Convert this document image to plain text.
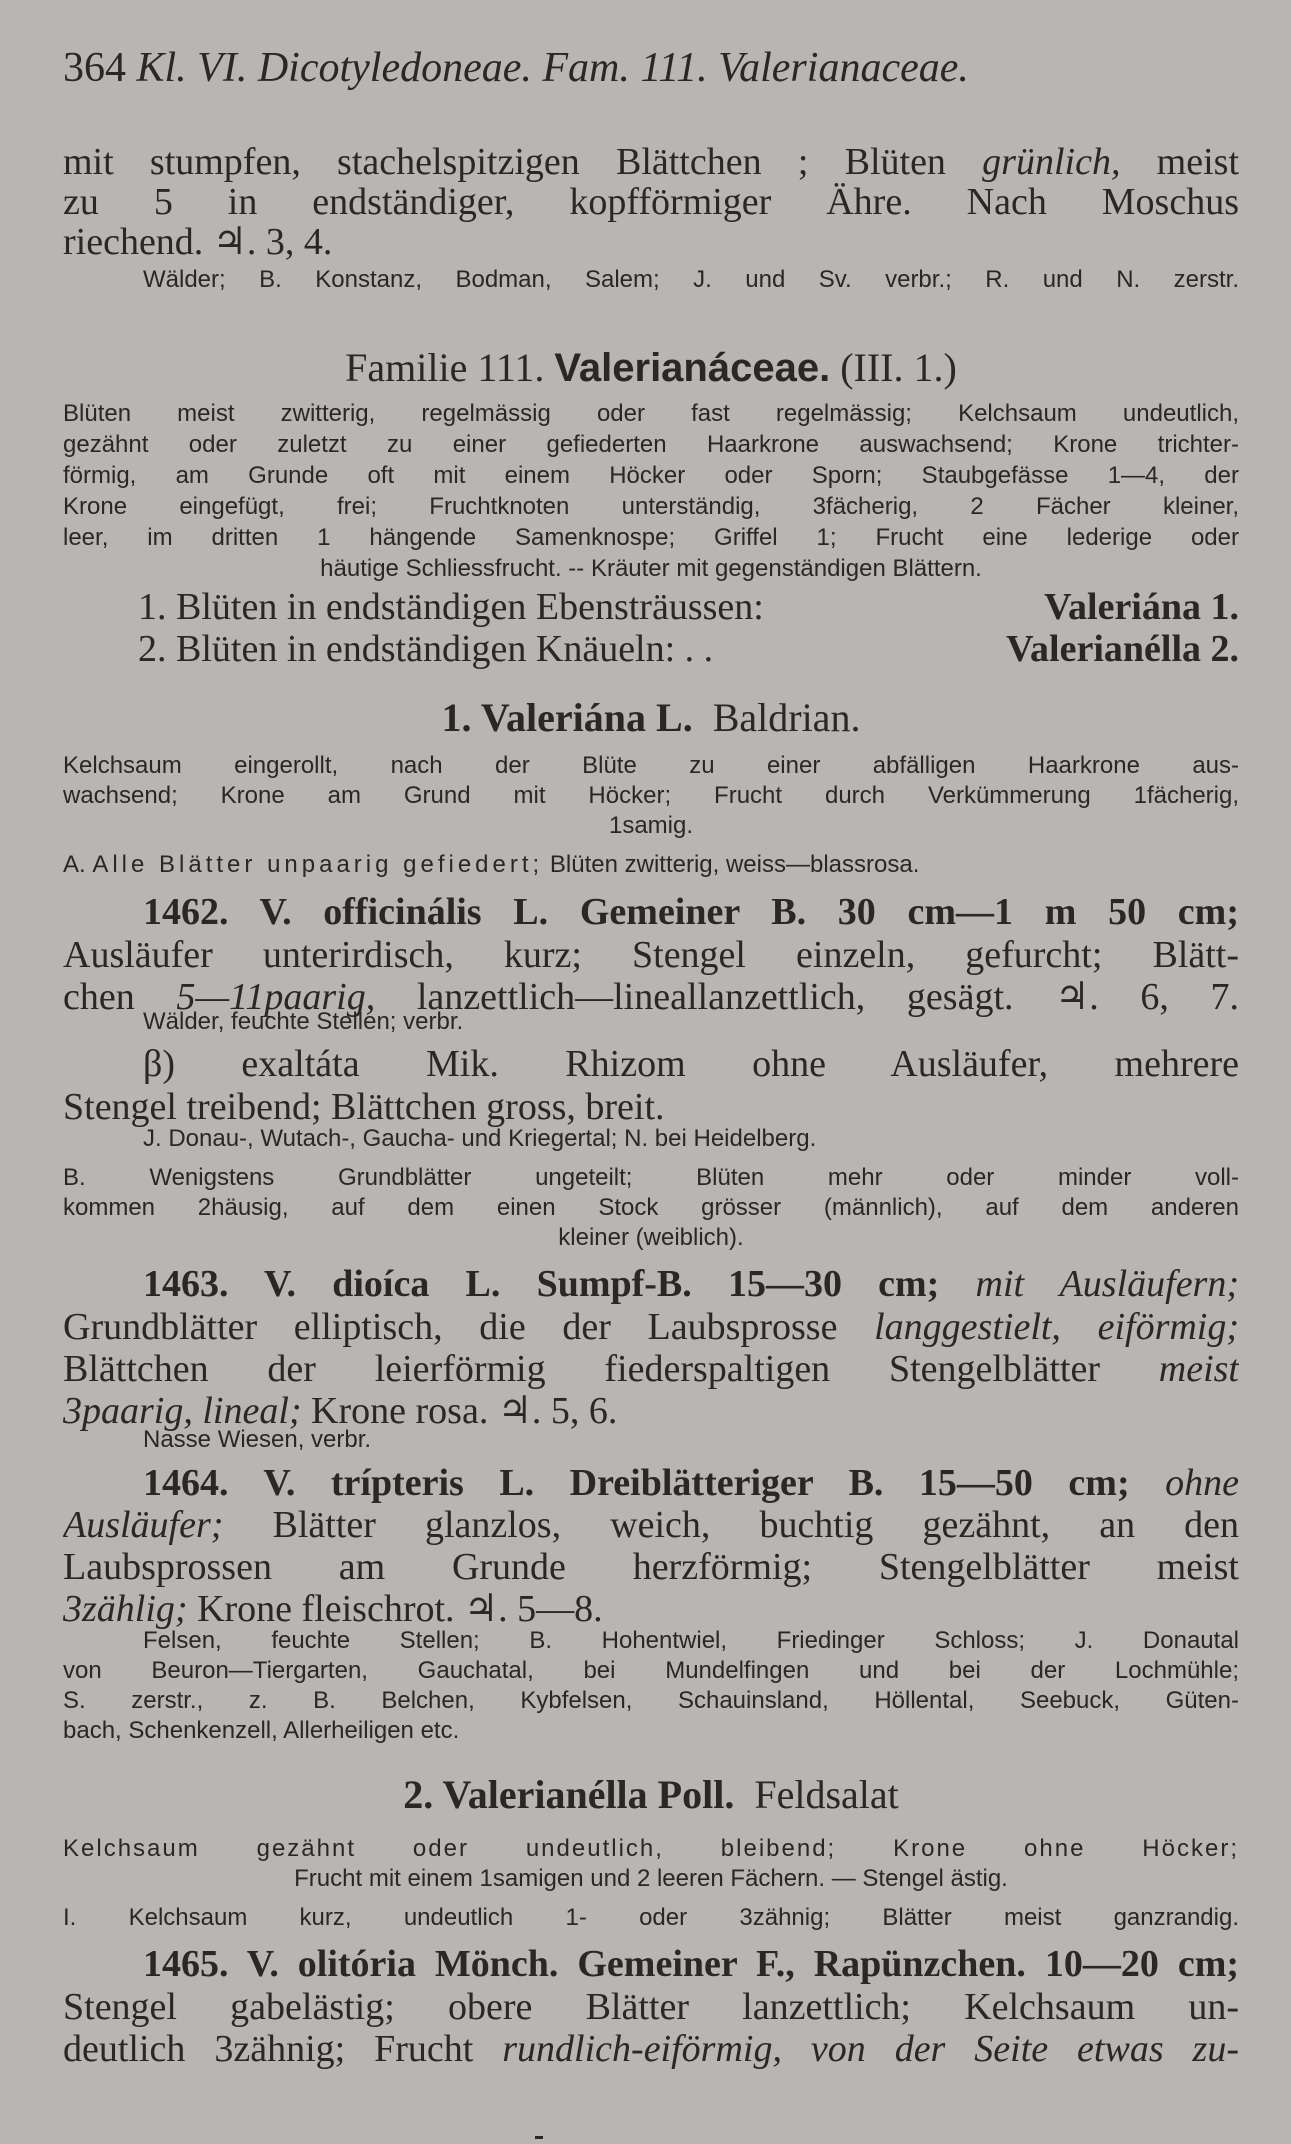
364 Kl. VI. Dicotyledoneae. Fam. 111. Valerianaceae.
mit stumpfen, stachelspitzigen Blättchen ; Blüten grünlich, meist
zu 5 in endständiger, kopfförmiger Ähre. Nach Moschus
riechend. ♃. 3, 4.
Wälder; B. Konstanz, Bodman, Salem; J. und Sv. verbr.; R. und N. zerstr.
Familie 111. Valerianáceae. (III. 1.)
Blüten meist zwitterig, regelmässig oder fast regelmässig; Kelchsaum undeutlich,
gezähnt oder zuletzt zu einer gefiederten Haarkrone auswachsend; Krone trichter-
förmig, am Grunde oft mit einem Höcker oder Sporn; Staubgefässe 1—4, der
Krone eingefügt, frei; Fruchtknoten unterständig, 3fächerig, 2 Fächer kleiner,
leer, im dritten 1 hängende Samenknospe; Griffel 1; Frucht eine lederige oder
häutige Schliessfrucht. -- Kräuter mit gegenständigen Blättern.
1. Blüten in endständigen Ebensträussen:	Valeriána 1.
2. Blüten in endständigen Knäueln: . .	Valerianélla 2.
1. Valeriána L. Baldrian.
Kelchsaum eingerollt, nach der Blüte zu einer abfälligen Haarkrone aus-
wachsend; Krone am Grund mit Höcker; Frucht durch Verkümmerung 1fächerig,
1samig.
A. Alle Blätter unpaarig gefiedert; Blüten zwitterig, weiss—blassrosa.
1462. V. officinális L. Gemeiner B. 30 cm—1 m 50 cm;
Ausläufer unterirdisch, kurz; Stengel einzeln, gefurcht; Blätt-
chen 5—11paarig, lanzettlich—lineallanzettlich, gesägt. ♃. 6, 7.
Wälder, feuchte Stellen; verbr.
β) exaltáta Mik. Rhizom ohne Ausläufer, mehrere
Stengel treibend; Blättchen gross, breit.
J. Donau-, Wutach-, Gaucha- und Kriegertal; N. bei Heidelberg.
B. Wenigstens Grundblätter ungeteilt; Blüten mehr oder minder voll-
kommen 2häusig, auf dem einen Stock grösser (männlich), auf dem anderen
kleiner (weiblich).
1463. V. dioíca L. Sumpf-B. 15—30 cm; mit Ausläufern;
Grundblätter elliptisch, die der Laubsprosse langgestielt, eiförmig;
Blättchen der leierförmig fiederspaltigen Stengelblätter meist
3paarig, lineal; Krone rosa. ♃. 5, 6.
Nasse Wiesen, verbr.
1464. V. trípteris L. Dreiblätteriger B. 15—50 cm; ohne
Ausläufer; Blätter glanzlos, weich, buchtig gezähnt, an den
Laubsprossen am Grunde herzförmig; Stengelblätter meist
3zählig; Krone fleischrot. ♃. 5—8.
Felsen, feuchte Stellen; B. Hohentwiel, Friedinger Schloss; J. Donautal
von Beuron—Tiergarten, Gauchatal, bei Mundelfingen und bei der Lochmühle;
S. zerstr., z. B. Belchen, Kybfelsen, Schauinsland, Höllental, Seebuck, Güten-
bach, Schenkenzell, Allerheiligen etc.
2. Valerianélla Poll. Feldsalat
Kelchsaum gezähnt oder undeutlich, bleibend; Krone ohne Höcker;
Frucht mit einem 1samigen und 2 leeren Fächern. — Stengel ästig.
I. Kelchsaum kurz, undeutlich 1- oder 3zähnig; Blätter meist ganzrandig.
1465. V. olitória Mönch. Gemeiner F., Rapünzchen. 10—20 cm;
Stengel gabelästig; obere Blätter lanzettlich; Kelchsaum un-
deutlich 3zähnig; Frucht rundlich-eiförmig, von der Seite etwas zu-
